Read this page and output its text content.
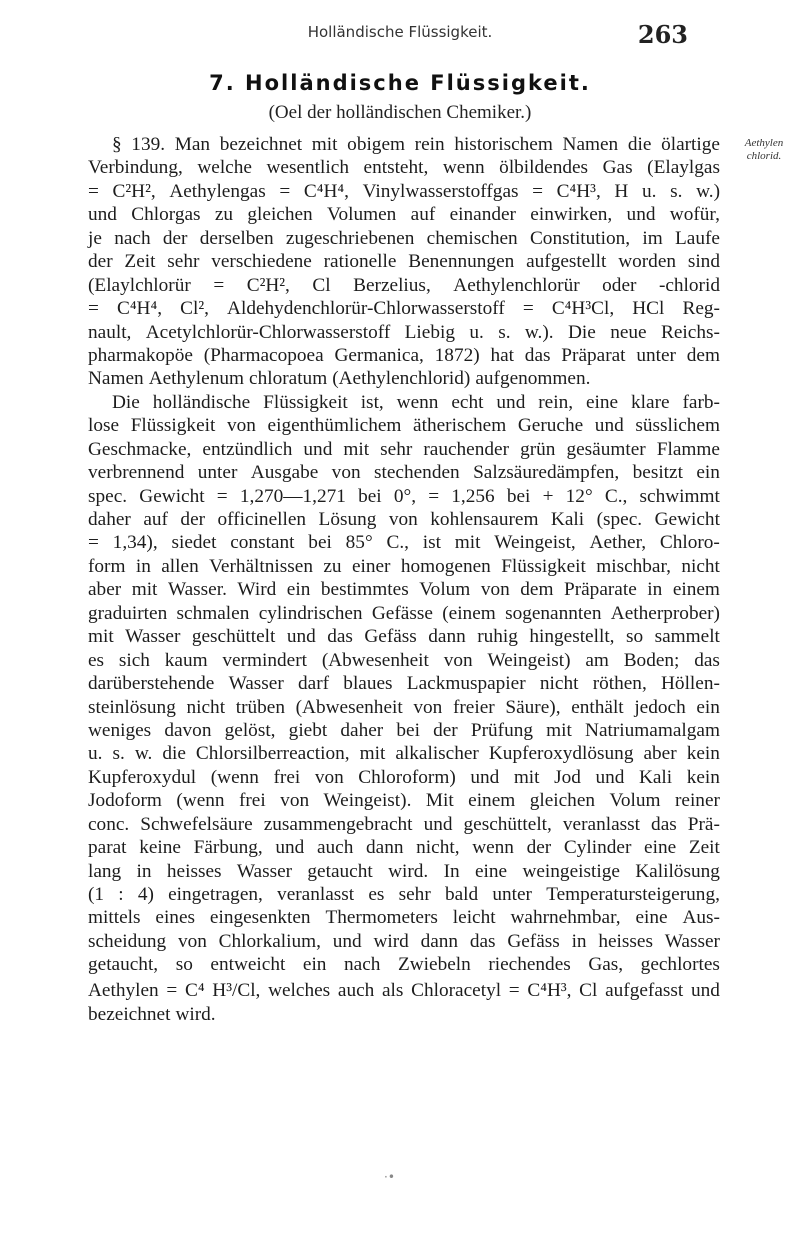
Holländische Flüssigkeit.	263
7. Holländische Flüssigkeit.
(Oel der holländischen Chemiker.)
Aethylen
chlorid.
§ 139. Man bezeichnet mit obigem rein historischem Namen die ölartige
Verbindung, welche wesentlich entsteht, wenn ölbildendes Gas (Elaylgas
= C²H², Aethylengas = C⁴H⁴, Vinylwasserstoffgas = C⁴H³, H u. s. w.)
und Chlorgas zu gleichen Volumen auf einander einwirken, und wofür,
je nach der derselben zugeschriebenen chemischen Constitution, im Laufe
der Zeit sehr verschiedene rationelle Benennungen aufgestellt worden sind
(Elaylchlorür = C²H², Cl Berzelius, Aethylenchlorür oder -chlorid
= C⁴H⁴, Cl², Aldehydenchlorür-Chlorwasserstoff = C⁴H³Cl, HCl Reg-
nault, Acetylchlorür-Chlorwasserstoff Liebig u. s. w.). Die neue Reichs-
pharmakopöe (Pharmacopoea Germanica, 1872) hat das Präparat unter dem
Namen Aethylenum chloratum (Aethylenchlorid) aufgenommen.
Die holländische Flüssigkeit ist, wenn echt und rein, eine klare farb-
lose Flüssigkeit von eigenthümlichem ätherischem Geruche und süsslichem
Geschmacke, entzündlich und mit sehr rauchender grün gesäumter Flamme
verbrennend unter Ausgabe von stechenden Salzsäuredämpfen, besitzt ein
spec. Gewicht = 1,270—1,271 bei 0°, = 1,256 bei + 12° C., schwimmt
daher auf der officinellen Lösung von kohlensaurem Kali (spec. Gewicht
= 1,34), siedet constant bei 85° C., ist mit Weingeist, Aether, Chloro-
form in allen Verhältnissen zu einer homogenen Flüssigkeit mischbar, nicht
aber mit Wasser. Wird ein bestimmtes Volum von dem Präparate in einem
graduirten schmalen cylindrischen Gefässe (einem sogenannten Aetherprober)
mit Wasser geschüttelt und das Gefäss dann ruhig hingestellt, so sammelt
es sich kaum vermindert (Abwesenheit von Weingeist) am Boden; das
darüberstehende Wasser darf blaues Lackmuspapier nicht röthen, Höllen-
steinlösung nicht trüben (Abwesenheit von freier Säure), enthält jedoch ein
weniges davon gelöst, giebt daher bei der Prüfung mit Natriumamalgam
u. s. w. die Chlorsilberreaction, mit alkalischer Kupferoxydlösung aber kein
Kupferoxydul (wenn frei von Chloroform) und mit Jod und Kali kein
Jodoform (wenn frei von Weingeist). Mit einem gleichen Volum reiner
conc. Schwefelsäure zusammengebracht und geschüttelt, veranlasst das Prä-
parat keine Färbung, und auch dann nicht, wenn der Cylinder eine Zeit
lang in heisses Wasser getaucht wird. In eine weingeistige Kalilösung
(1 : 4) eingetragen, veranlasst es sehr bald unter Temperatursteigerung,
mittels eines eingesenkten Thermometers leicht wahrnehmbar, eine Aus-
scheidung von Chlorkalium, und wird dann das Gefäss in heisses Wasser
getaucht, so entweicht ein nach Zwiebeln riechendes Gas, gechlortes
Aethylen = C⁴ H³/Cl, welches auch als Chloracetyl = C⁴H³, Cl aufgefasst und
bezeichnet wird.
·•
